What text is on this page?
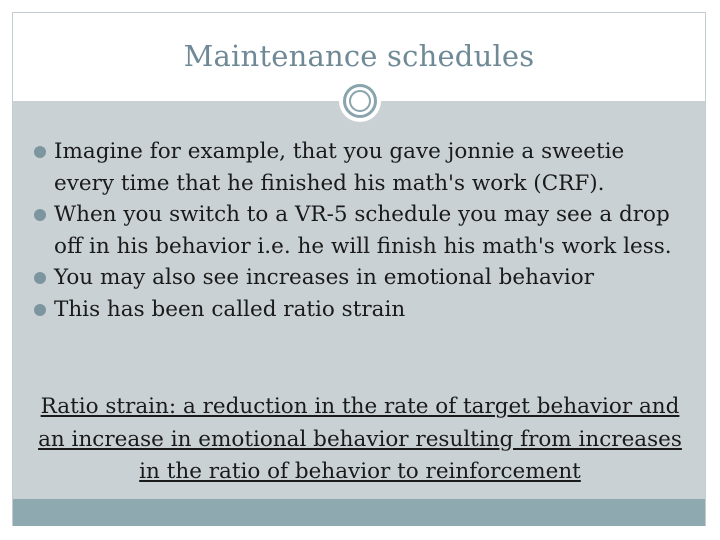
Maintenance schedules
Imagine for example, that you gave jonnie a sweetie every time that he finished his math's work (CRF).
When you switch to a VR-5 schedule you may see a drop off in his behavior i.e. he will finish his math's work less.
You may also see increases in emotional behavior
This has been called ratio strain
Ratio strain: a reduction in the rate of target behavior and an increase in emotional behavior resulting from increases in the ratio of behavior to reinforcement
